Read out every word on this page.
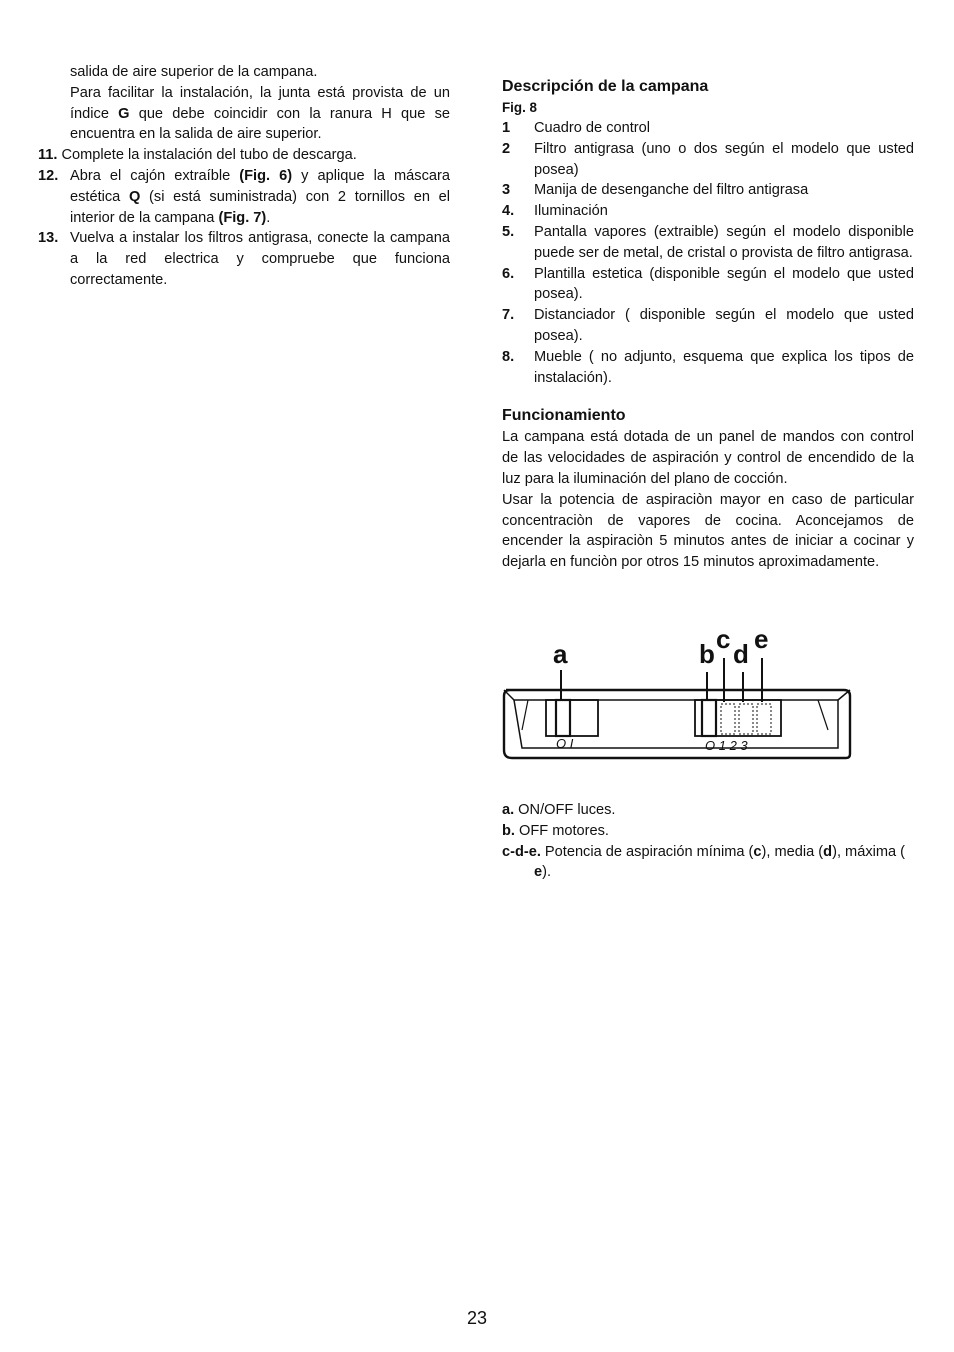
salida de aire superior de la campana.

Para facilitar la instalación, la junta está provista de un índice G que debe coincidir con la ranura H que se encuentra en la salida de aire superior.

11. Complete la instalación del tubo de descarga.
12. Abra el cajón extraíble (Fig. 6) y aplique la máscara estética Q (si está suministrada) con 2 tornillos en el interior de la campana (Fig. 7).
13. Vuelva a instalar los filtros antigrasa, conecte la campana a la red electrica y compruebe que funciona correctamente.
Descripción de la campana
Fig. 8
1	Cuadro de control
2	Filtro antigrasa (uno o dos según el modelo que usted posea)
3	Manija de desenganche del filtro antigrasa
4.	Iluminación
5.	Pantalla vapores (extraible) según el modelo disponible puede ser de metal, de cristal o provista de filtro antigrasa.
6.	Plantilla estetica (disponible según el modelo que usted posea).
7.	Distanciador ( disponible según el modelo que usted posea).
8.	Mueble ( no adjunto, esquema que explica los tipos de instalación).
Funcionamiento

La campana está dotada de un panel de mandos con control de las velocidades de aspiración y control de encendido de la luz para la iluminación del plano de cocción.

Usar la potencia de aspiraciòn mayor en caso de particular concentraciòn de vapores de cocina. Aconcejamos de encender la aspiraciòn 5 minutos antes de iniciar a cocinar y dejarla en funciòn por otros 15 minutos aproximadamente.

a	b c d e
O I	O 1 2 3
a. ON/OFF luces.
b. OFF motores.

c-d-e. Potencia de aspiración mínima (c), media (d), máxima (
e).

23
